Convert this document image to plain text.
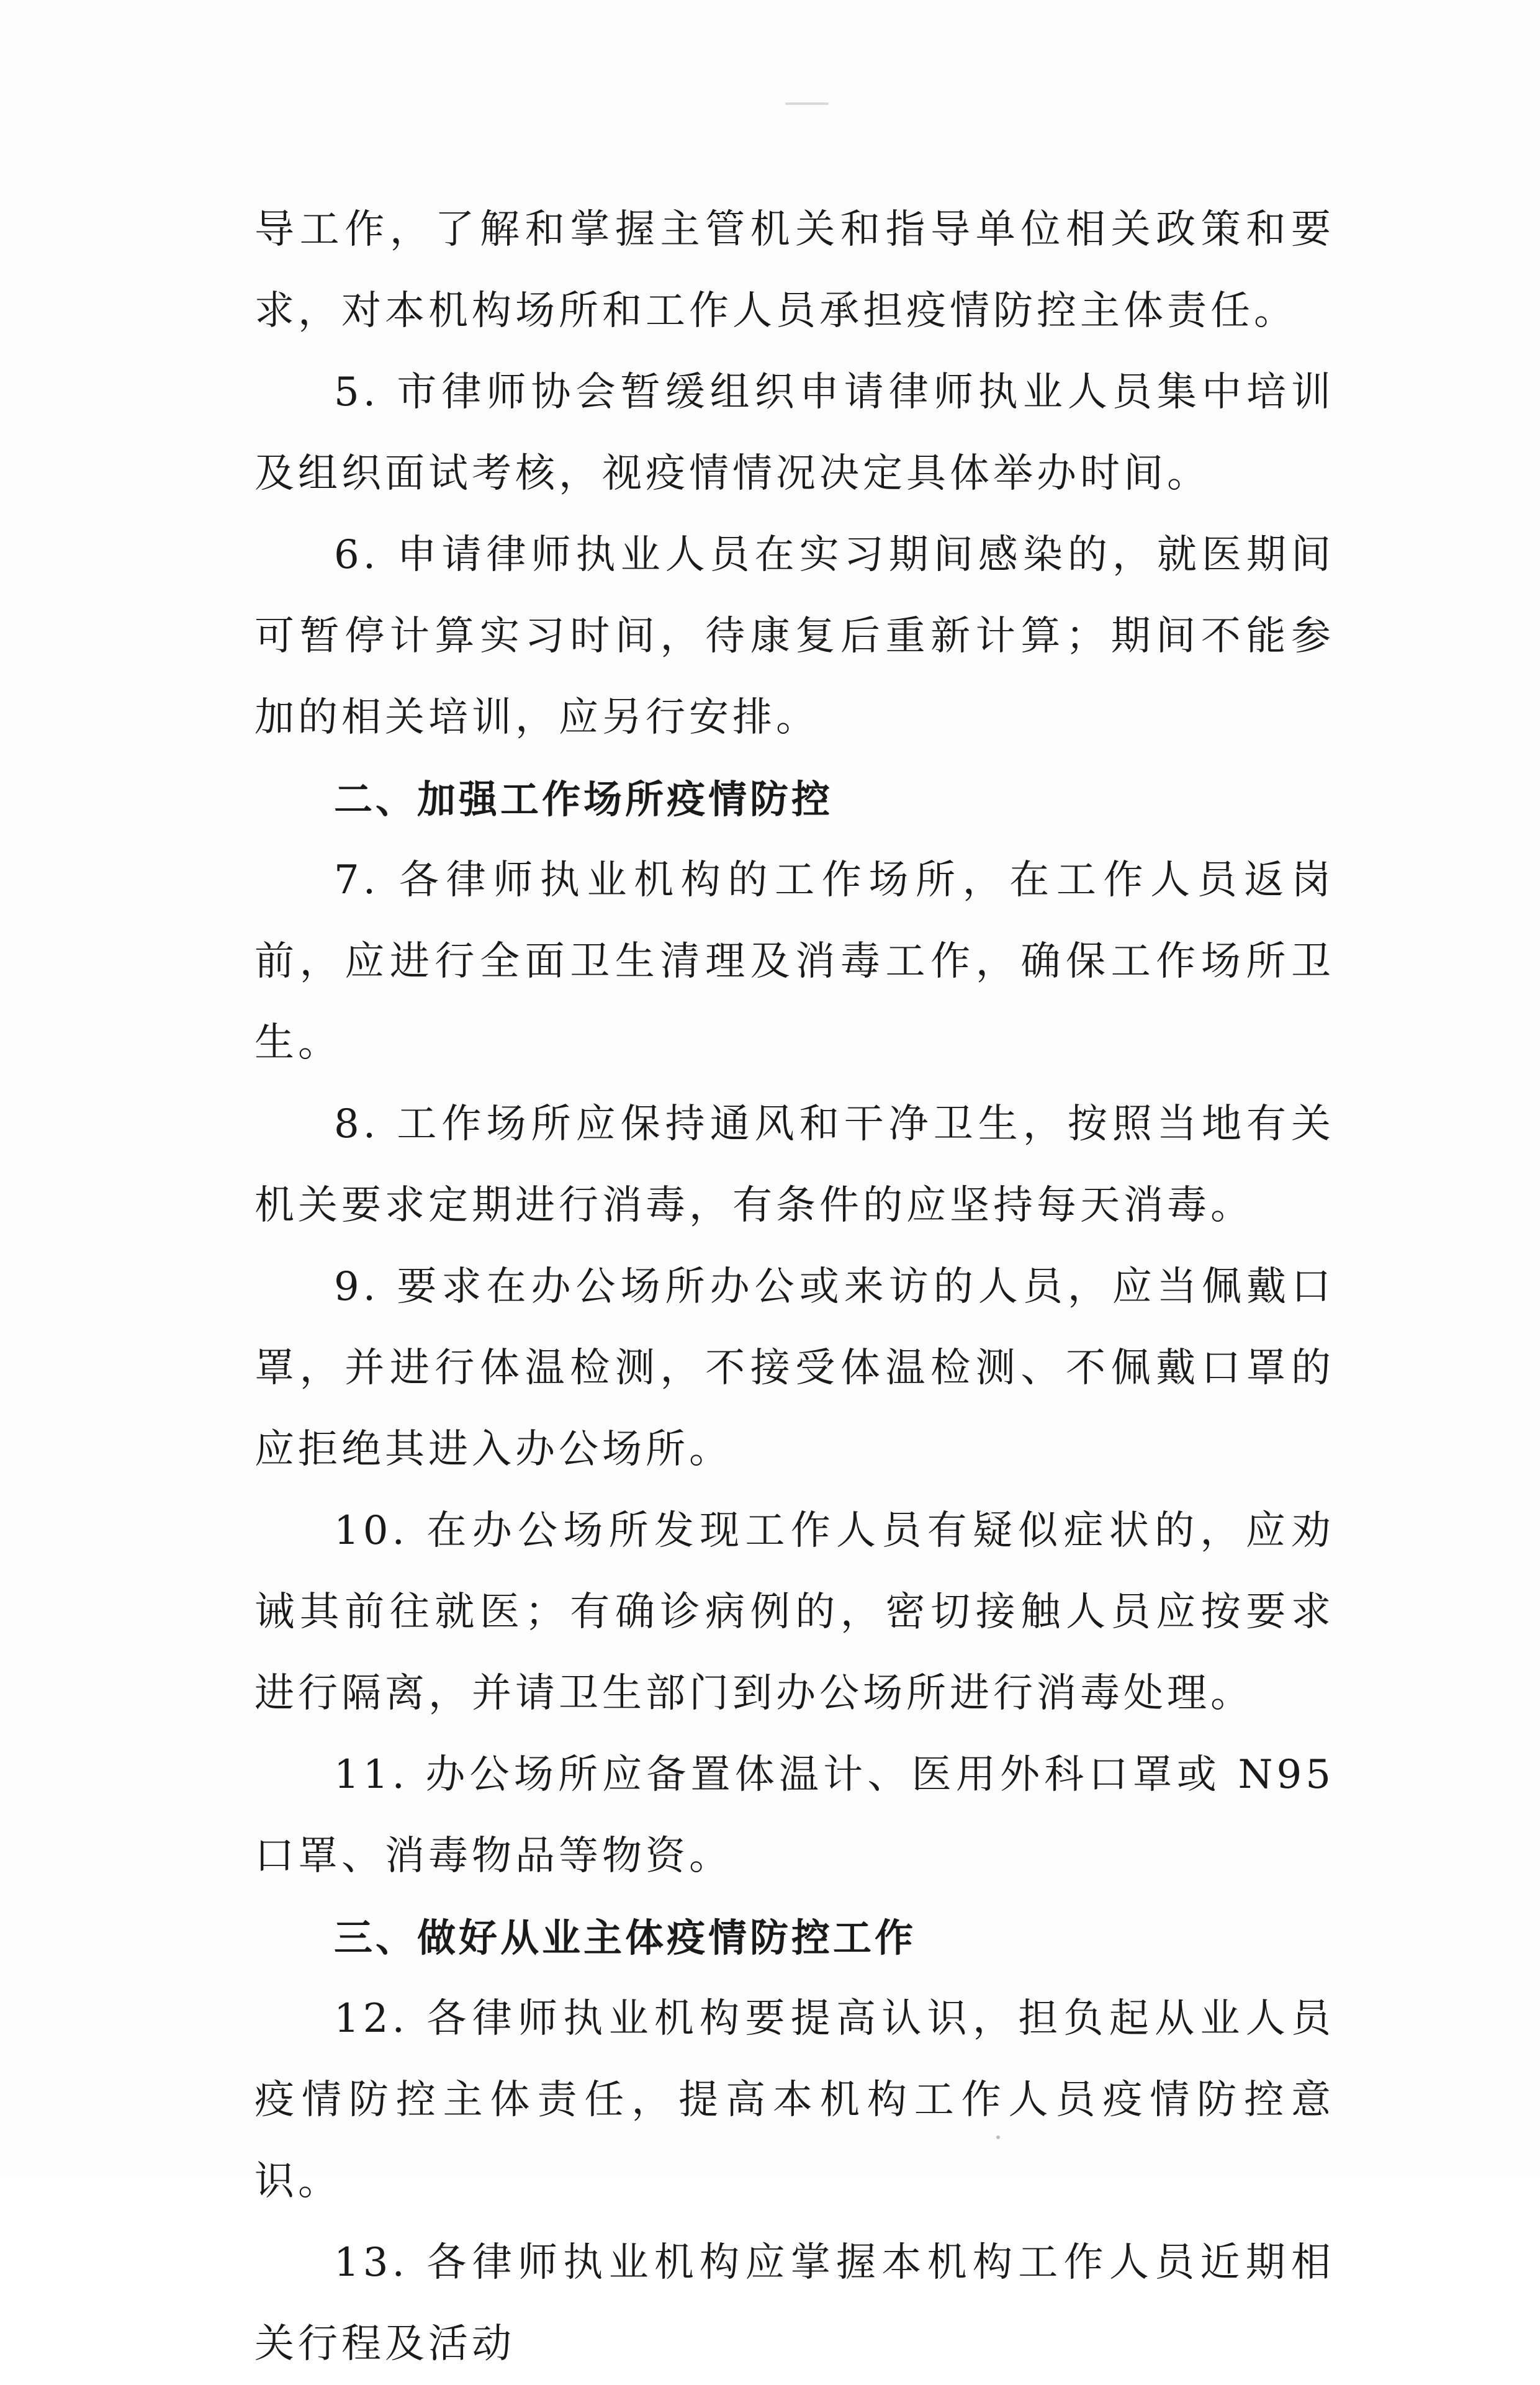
导工作，了解和掌握主管机关和指导单位相关政策和要求，对本机构场所和工作人员承担疫情防控主体责任。

5. 市律师协会暂缓组织申请律师执业人员集中培训及组织面试考核，视疫情情况决定具体举办时间。

6. 申请律师执业人员在实习期间感染的，就医期间可暂停计算实习时间，待康复后重新计算；期间不能参加的相关培训，应另行安排。

二、加强工作场所疫情防控

7. 各律师执业机构的工作场所，在工作人员返岗前，应进行全面卫生清理及消毒工作，确保工作场所卫生。

8. 工作场所应保持通风和干净卫生，按照当地有关机关要求定期进行消毒，有条件的应坚持每天消毒。

9. 要求在办公场所办公或来访的人员，应当佩戴口罩，并进行体温检测，不接受体温检测、不佩戴口罩的应拒绝其进入办公场所。

10. 在办公场所发现工作人员有疑似症状的，应劝诫其前往就医；有确诊病例的，密切接触人员应按要求进行隔离，并请卫生部门到办公场所进行消毒处理。

11. 办公场所应备置体温计、医用外科口罩或 N95 口罩、消毒物品等物资。

三、做好从业主体疫情防控工作

12. 各律师执业机构要提高认识，担负起从业人员疫情防控主体责任，提高本机构工作人员疫情防控意识。

13. 各律师执业机构应掌握本机构工作人员近期相关行程及活动
